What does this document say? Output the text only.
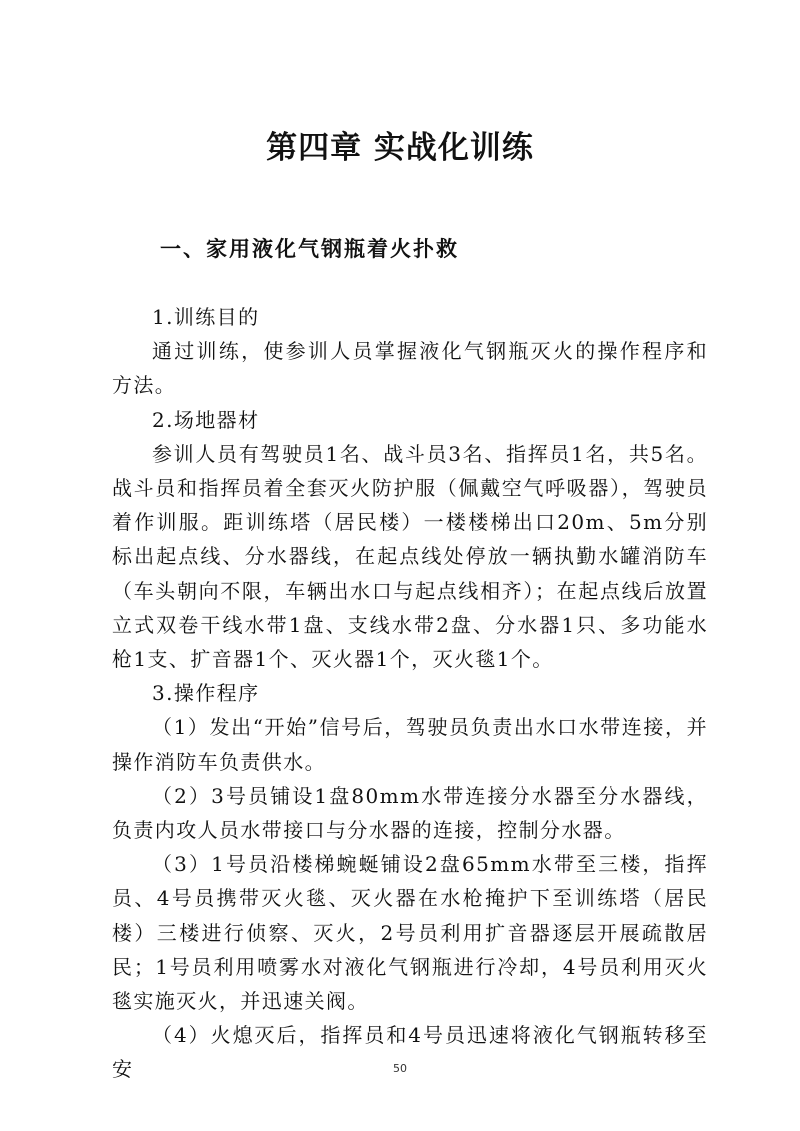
第四章 实战化训练
一、家用液化气钢瓶着火扑救

1.训练目的

通过训练，使参训人员掌握液化气钢瓶灭火的操作程序和方法。

2.场地器材

参训人员有驾驶员1名、战斗员3名、指挥员1名，共5名。战斗员和指挥员着全套灭火防护服（佩戴空气呼吸器），驾驶员着作训服。距训练塔（居民楼）一楼楼梯出口20m、5m分别标出起点线、分水器线，在起点线处停放一辆执勤水罐消防车（车头朝向不限，车辆出水口与起点线相齐）；在起点线后放置立式双卷干线水带1盘、支线水带2盘、分水器1只、多功能水枪1支、扩音器1个、灭火器1个，灭火毯1个。

3.操作程序

（1）发出“开始”信号后，驾驶员负责出水口水带连接，并操作消防车负责供水。

（2）3号员铺设1盘80mm水带连接分水器至分水器线，负责内攻人员水带接口与分水器的连接，控制分水器。

（3）1号员沿楼梯蜿蜒铺设2盘65mm水带至三楼，指挥员、4号员携带灭火毯、灭火器在水枪掩护下至训练塔（居民楼）三楼进行侦察、灭火，2号员利用扩音器逐层开展疏散居民；1号员利用喷雾水对液化气钢瓶进行冷却，4号员利用灭火毯实施灭火，并迅速关阀。

（4）火熄灭后，指挥员和4号员迅速将液化气钢瓶转移至安	50
